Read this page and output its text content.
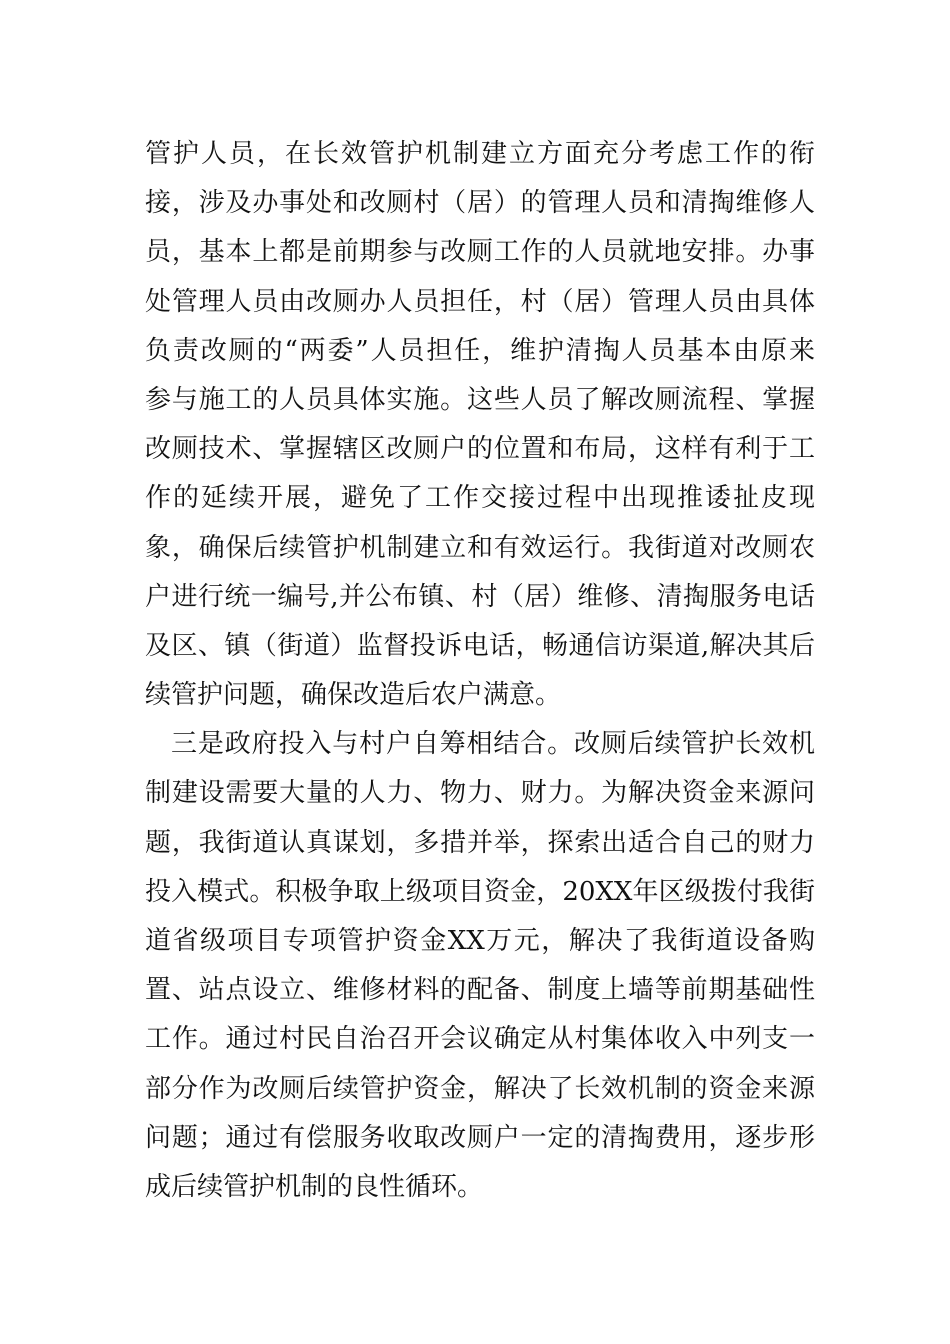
管护人员，在长效管护机制建立方面充分考虑工作的衔
接，涉及办事处和改厕村（居）的管理人员和清掏维修人
员，基本上都是前期参与改厕工作的人员就地安排。办事
处管理人员由改厕办人员担任，村（居）管理人员由具体
负责改厕的“两委”人员担任，维护清掏人员基本由原来
参与施工的人员具体实施。这些人员了解改厕流程、掌握
改厕技术、掌握辖区改厕户的位置和布局，这样有利于工
作的延续开展，避免了工作交接过程中出现推诿扯皮现
象，确保后续管护机制建立和有效运行。我街道对改厕农
户进行统一编号,并公布镇、村（居）维修、清掏服务电话
及区、镇（街道）监督投诉电话，畅通信访渠道,解决其后
续管护问题，确保改造后农户满意。
三是政府投入与村户自筹相结合。改厕后续管护长效机
制建设需要大量的人力、物力、财力。为解决资金来源问
题，我街道认真谋划，多措并举，探索出适合自己的财力
投入模式。积极争取上级项目资金，20XX年区级拨付我街
道省级项目专项管护资金XX万元，解决了我街道设备购
置、站点设立、维修材料的配备、制度上墙等前期基础性
工作。通过村民自治召开会议确定从村集体收入中列支一
部分作为改厕后续管护资金，解决了长效机制的资金来源
问题；通过有偿服务收取改厕户一定的清掏费用，逐步形
成后续管护机制的良性循环。
